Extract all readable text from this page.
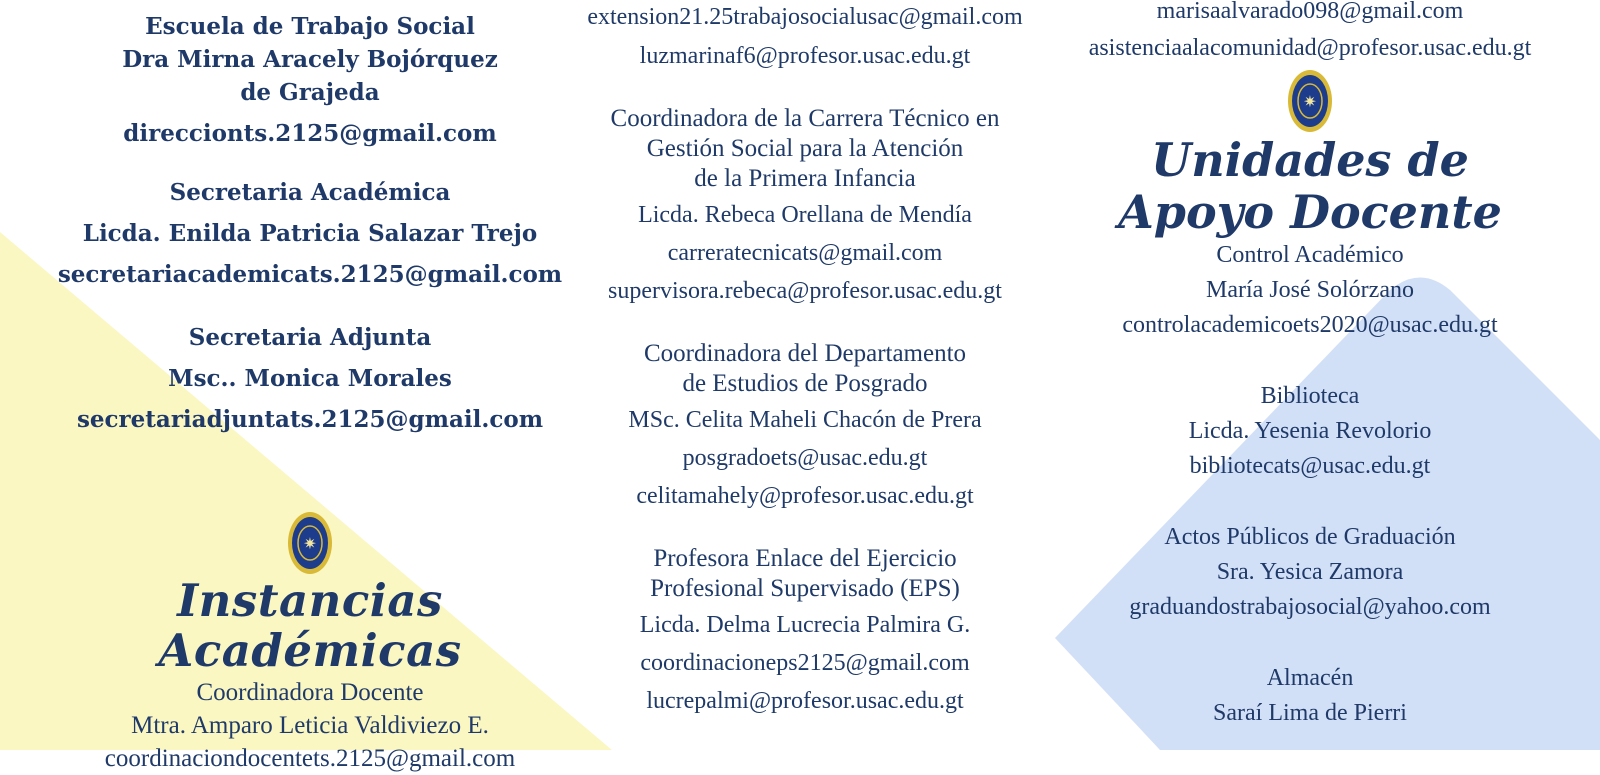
Escuela de Trabajo Social
Dra Mirna Aracely Bojórquez
de Grajeda
direccionts.2125@gmail.com
Secretaria Académica
Licda. Enilda Patricia Salazar Trejo
secretariacademicats.2125@gmail.com
Secretaria Adjunta
Msc.. Monica Morales
secretariadjuntats.2125@gmail.com
✷
Instancias Académicas
Coordinadora Docente
Mtra. Amparo Leticia Valdiviezo E.
coordinaciondocentets.2125@gmail.com
extension21.25trabajosocialusac@gmail.com
luzmarinaf6@profesor.usac.edu.gt
Coordinadora de la Carrera Técnico en
Gestión Social para la Atención
de la Primera Infancia
Licda. Rebeca Orellana de Mendía
carreratecnicats@gmail.com
supervisora.rebeca@profesor.usac.edu.gt
Coordinadora del Departamento
de Estudios de Posgrado
MSc. Celita Maheli Chacón de Prera
posgradoets@usac.edu.gt
celitamahely@profesor.usac.edu.gt
Profesora Enlace del Ejercicio
Profesional Supervisado (EPS)
Licda. Delma Lucrecia Palmira G.
coordinacioneps2125@gmail.com
lucrepalmi@profesor.usac.edu.gt
marisaalvarado098@gmail.com
asistenciaalacomunidad@profesor.usac.edu.gt
✷
Unidades de
Apoyo Docente
Control Académico
María José Solórzano
controlacademicoets2020@usac.edu.gt
Biblioteca
Licda. Yesenia Revolorio
bibliotecats@usac.edu.gt
Actos Públicos de Graduación
Sra. Yesica Zamora
graduandostrabajosocial@yahoo.com
Almacén
Saraí Lima de Pierri
